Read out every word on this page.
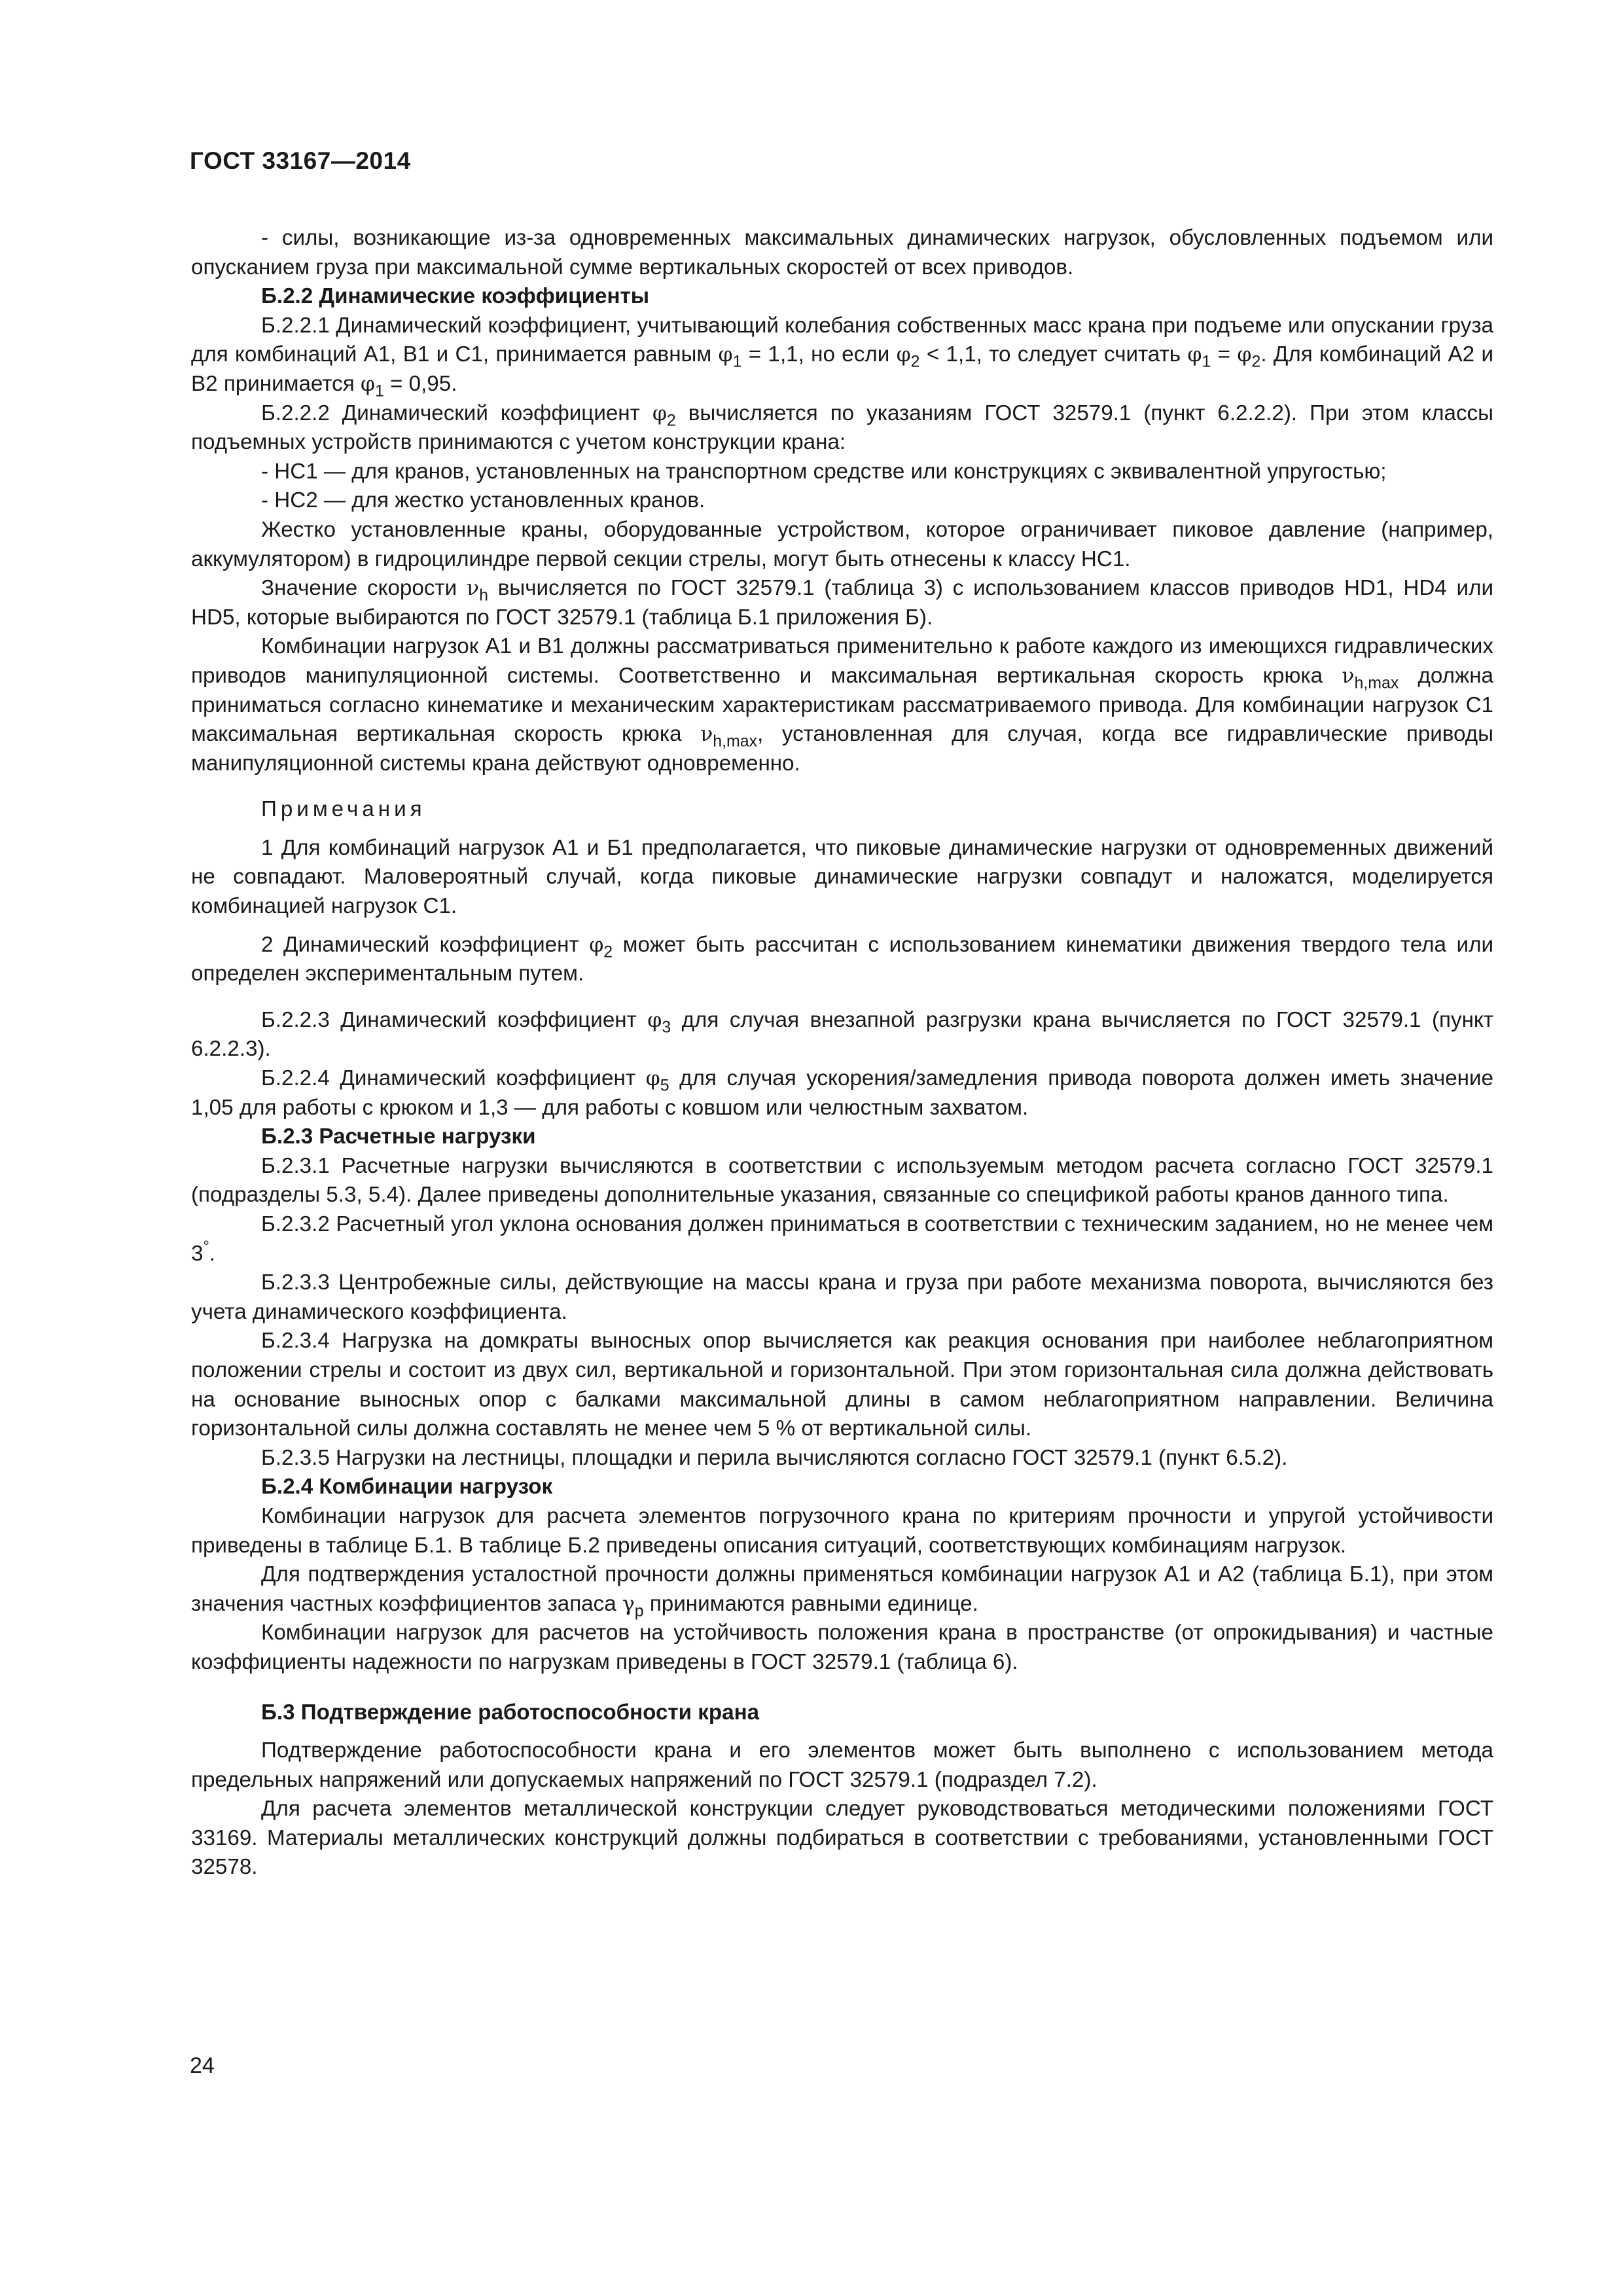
ГОСТ 33167—2014

- силы, возникающие из-за одновременных максимальных динамических нагрузок, обусловленных подъемом или опусканием груза при максимальной сумме вертикальных скоростей от всех приводов.

Б.2.2 Динамические коэффициенты

Б.2.2.1 Динамический коэффициент, учитывающий колебания собственных масс крана при подъеме или опускании груза для комбинаций А1, В1 и С1, принимается равным $\varphi_1 = 1,1$, но если $\varphi_2 < 1,1$, то следует считать $\varphi_1 = \varphi_2$. Для комбинаций А2 и В2 принимается $\varphi_1 = 0,95$.

Б.2.2.2 Динамический коэффициент $\varphi_2$ вычисляется по указаниям ГОСТ 32579.1 (пункт 6.2.2.2). При этом классы подъемных устройств принимаются с учетом конструкции крана:

- НС1 — для кранов, установленных на транспортном средстве или конструкциях с эквивалентной упругостью;

- НС2 — для жестко установленных кранов.

Жестко установленные краны, оборудованные устройством, которое ограничивает пиковое давление (например, аккумулятором) в гидроцилиндре первой секции стрелы, могут быть отнесены к классу НС1.

Значение скорости $\nu_h$ вычисляется по ГОСТ 32579.1 (таблица 3) с использованием классов приводов HD1, HD4 или HD5, которые выбираются по ГОСТ 32579.1 (таблица Б.1 приложения Б).

Комбинации нагрузок А1 и В1 должны рассматриваться применительно к работе каждого из имеющихся гидравлических приводов манипуляционной системы. Соответственно и максимальная вертикальная скорость крюка $\nu_{h,max}$ должна приниматься согласно кинематике и механическим характеристикам рассматриваемого привода. Для комбинации нагрузок С1 максимальная вертикальная скорость крюка $\nu_{h,max}$, установленная для случая, когда все гидравлические приводы манипуляционной системы крана действуют одновременно.

Примечания

1 Для комбинаций нагрузок А1 и Б1 предполагается, что пиковые динамические нагрузки от одновременных движений не совпадают. Маловероятный случай, когда пиковые динамические нагрузки совпадут и наложатся, моделируется комбинацией нагрузок С1.

2 Динамический коэффициент $\varphi_2$ может быть рассчитан с использованием кинематики движения твердого тела или определен экспериментальным путем.

Б.2.2.3 Динамический коэффициент $\varphi_3$ для случая внезапной разгрузки крана вычисляется по ГОСТ 32579.1 (пункт 6.2.2.3).

Б.2.2.4 Динамический коэффициент $\varphi_5$ для случая ускорения/замедления привода поворота должен иметь значение 1,05 для работы с крюком и 1,3 — для работы с ковшом или челюстным захватом.

Б.2.3 Расчетные нагрузки

Б.2.3.1 Расчетные нагрузки вычисляются в соответствии с используемым методом расчета согласно ГОСТ 32579.1 (подразделы 5.3, 5.4). Далее приведены дополнительные указания, связанные со спецификой работы кранов данного типа.

Б.2.3.2 Расчетный угол уклона основания должен приниматься в соответствии с техническим заданием, но не менее чем 3°.

Б.2.3.3 Центробежные силы, действующие на массы крана и груза при работе механизма поворота, вычисляются без учета динамического коэффициента.

Б.2.3.4 Нагрузка на домкраты выносных опор вычисляется как реакция основания при наиболее неблагоприятном положении стрелы и состоит из двух сил, вертикальной и горизонтальной. При этом горизонтальная сила должна действовать на основание выносных опор с балками максимальной длины в самом неблагоприятном направлении. Величина горизонтальной силы должна составлять не менее чем 5 % от вертикальной силы.

Б.2.3.5 Нагрузки на лестницы, площадки и перила вычисляются согласно ГОСТ 32579.1 (пункт 6.5.2).

Б.2.4 Комбинации нагрузок

Комбинации нагрузок для расчета элементов погрузочного крана по критериям прочности и упругой устойчивости приведены в таблице Б.1. В таблице Б.2 приведены описания ситуаций, соответствующих комбинациям нагрузок.

Для подтверждения усталостной прочности должны применяться комбинации нагрузок А1 и А2 (таблица Б.1), при этом значения частных коэффициентов запаса $\gamma_p$ принимаются равными единице.

Комбинации нагрузок для расчетов на устойчивость положения крана в пространстве (от опрокидывания) и частные коэффициенты надежности по нагрузкам приведены в ГОСТ 32579.1 (таблица 6).

Б.3 Подтверждение работоспособности крана

Подтверждение работоспособности крана и его элементов может быть выполнено с использованием метода предельных напряжений или допускаемых напряжений по ГОСТ 32579.1 (подраздел 7.2).

Для расчета элементов металлической конструкции следует руководствоваться методическими положениями ГОСТ 33169. Материалы металлических конструкций должны подбираться в соответствии с требованиями, установленными ГОСТ 32578.

24
